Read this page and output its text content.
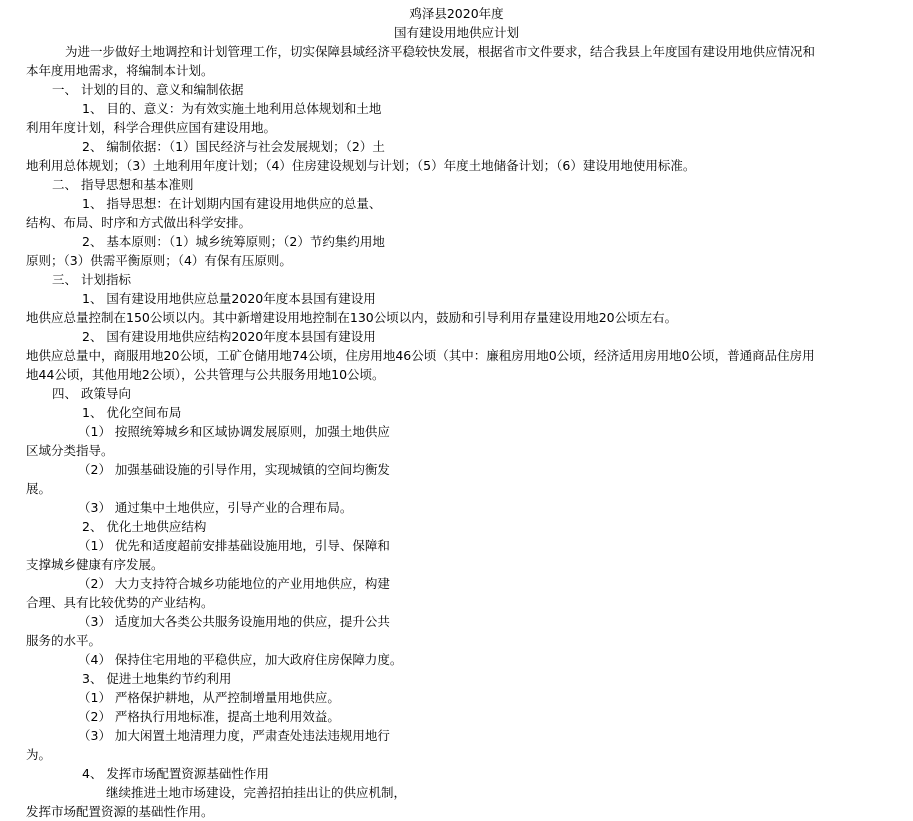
鸡泽县2020年度
国有建设用地供应计划
为进一步做好土地调控和计划管理工作，切实保障县域经济平稳较快发展，根据省市文件要求，结合我县上年度国有建设用地供应情况和
本年度用地需求，将编制本计划。
一、 计划的目的、意义和编制依据
1、 目的、意义：为有效实施土地利用总体规划和土地
利用年度计划，科学合理供应国有建设用地。
2、 编制依据：（1）国民经济与社会发展规划；（2）土
地利用总体规划；（3）土地利用年度计划；（4）住房建设规划与计划；（5）年度土地储备计划；（6）建设用地使用标准。
二、 指导思想和基本准则
1、 指导思想：在计划期内国有建设用地供应的总量、
结构、布局、时序和方式做出科学安排。
2、 基本原则：（1）城乡统筹原则；（2）节约集约用地
原则；（3）供需平衡原则；（4）有保有压原则。
三、 计划指标
1、 国有建设用地供应总量2020年度本县国有建设用
地供应总量控制在150公顷以内。其中新增建设用地控制在130公顷以内，鼓励和引导利用存量建设用地20公顷左右。
2、 国有建设用地供应结构2020年度本县国有建设用
地供应总量中，商服用地20公顷，工矿仓储用地74公顷，住房用地46公顷（其中：廉租房用地0公顷，经济适用房用地0公顷，普通商品住房用
地44公顷，其他用地2公顷），公共管理与公共服务用地10公顷。
四、 政策导向
1、 优化空间布局
（1） 按照统筹城乡和区域协调发展原则，加强土地供应
区域分类指导。
（2） 加强基础设施的引导作用，实现城镇的空间均衡发
展。
（3） 通过集中土地供应，引导产业的合理布局。
2、 优化土地供应结构
（1） 优先和适度超前安排基础设施用地，引导、保障和
支撑城乡健康有序发展。
（2） 大力支持符合城乡功能地位的产业用地供应，构建
合理、具有比较优势的产业结构。
（3） 适度加大各类公共服务设施用地的供应，提升公共
服务的水平。
（4） 保持住宅用地的平稳供应，加大政府住房保障力度。
3、 促进土地集约节约利用
（1） 严格保护耕地，从严控制增量用地供应。
（2） 严格执行用地标准，提高土地利用效益。
（3） 加大闲置土地清理力度，严肃查处违法违规用地行
为。
4、 发挥市场配置资源基础性作用
继续推进土地市场建设，完善招拍挂出让的供应机制，
发挥市场配置资源的基础性作用。
